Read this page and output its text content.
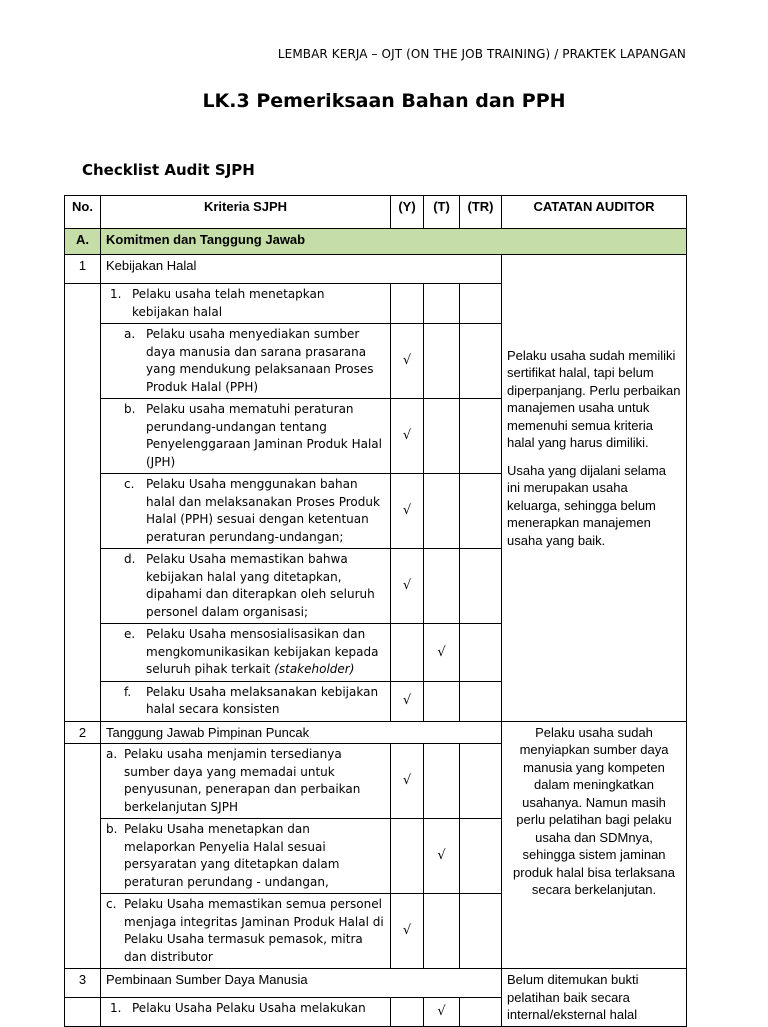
LEMBAR KERJA – OJT (ON THE JOB TRAINING) / PRAKTEK LAPANGAN
LK.3 Pemeriksaan Bahan dan PPH
Checklist Audit SJPH
No.	Kriteria SJPH	(Y)	(T)	(TR)	CATATAN AUDITOR
A.	Komitmen dan Tanggung Jawab				
1	Kebijakan Halal				Pelaku usaha sudah memiliki sertifikat halal, tapi belum diperpanjang. Perlu perbaikan manajemen usaha untuk memenuhi semua kriteria halal yang harus dimiliki.

Usaha yang dijalani selama ini merupakan usaha keluarga, sehingga belum menerapkan manajemen usaha yang baik.

	1. Pelaku usaha telah menetapkan kebijakan halal				

	a. Pelaku usaha menyediakan sumber daya manusia dan sarana prasarana yang mendukung pelaksanaan Proses Produk Halal (PPH)	√			

	b. Pelaku usaha mematuhi peraturan perundang-undangan tentang Penyelenggaraan Jaminan Produk Halal (JPH)	√			

	c. Pelaku Usaha menggunakan bahan halal dan melaksanakan Proses Produk Halal (PPH) sesuai dengan ketentuan peraturan perundang-undangan;	√			

	d. Pelaku Usaha memastikan bahwa kebijakan halal yang ditetapkan, dipahami dan diterapkan oleh seluruh personel dalam organisasi;	√			

	e. Pelaku Usaha mensosialisasikan dan mengkomunikasikan kebijakan kepada seluruh pihak terkait (stakeholder)		√		

	f. Pelaku Usaha melaksanakan kebijakan halal secara konsisten	√			
2	Tanggung Jawab Pimpinan Puncak				Pelaku usaha sudah menyiapkan sumber daya manusia yang kompeten dalam meningkatkan usahanya. Namun masih perlu pelatihan bagi pelaku usaha dan SDMnya, sehingga sistem jaminan produk halal bisa terlaksana secara berkelanjutan.

	a. Pelaku usaha menjamin tersedianya sumber daya yang memadai untuk penyusunan, penerapan dan perbaikan berkelanjutan SJPH	√			

	b. Pelaku Usaha menetapkan dan melaporkan Penyelia Halal sesuai persyaratan yang ditetapkan dalam peraturan perundang - undangan,		√		

	c. Pelaku Usaha memastikan semua personel menjaga integritas Jaminan Produk Halal di Pelaku Usaha termasuk pemasok, mitra dan distributor	√			
3	Pembinaan Sumber Daya Manusia				Belum ditemukan bukti pelatihan baik secara internal/eksternal halal

	1. Pelaku Usaha Pelaku Usaha melakukan		√		
